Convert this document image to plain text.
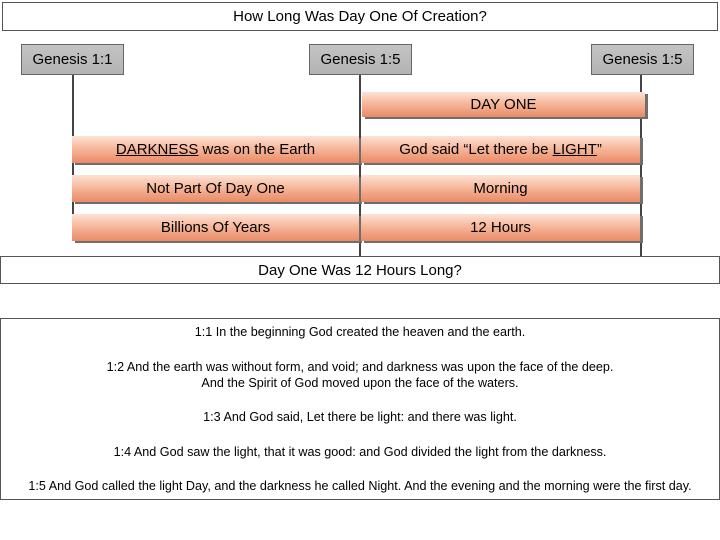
How Long Was Day One Of Creation?
Genesis 1:1	Genesis 1:5	Genesis 1:5
DAY ONE
DARKNESS was on the Earth	God said “Let there be LIGHT”
Not Part Of Day One	Morning
Billions Of Years	12 Hours
Day One Was 12 Hours Long?
1:1 In the beginning God created the heaven and the earth.
1:2 And the earth was without form, and void; and darkness was upon the face of the deep.
And the Spirit of God moved upon the face of the waters.
1:3 And God said, Let there be light: and there was light.
1:4 And God saw the light, that it was good: and God divided the light from the darkness.
1:5 And God called the light Day, and the darkness he called Night. And the evening and the morning were the first day.
